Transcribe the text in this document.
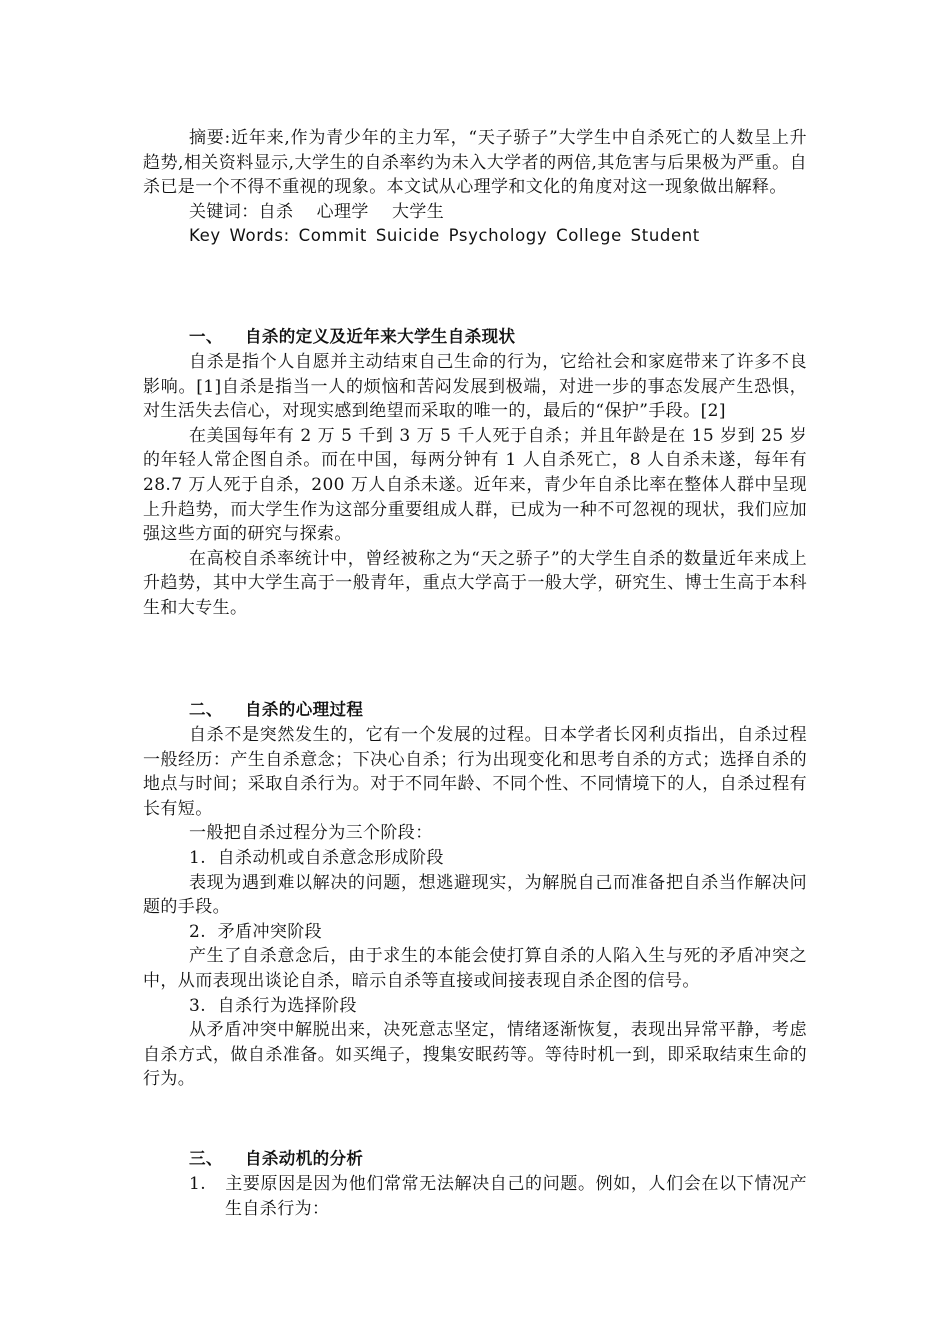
摘要:近年来,作为青少年的主力军，“天子骄子”大学生中自杀死亡的人数呈上升趋势,相关资料显示,大学生的自杀率约为未入大学者的两倍,其危害与后果极为严重。自杀已是一个不得不重视的现象。本文试从心理学和文化的角度对这一现象做出解释。

关键词：自杀　 心理学　 大学生

Key Words: Commit Suicide Psychology College Student

一、 自杀的定义及近年来大学生自杀现状

自杀是指个人自愿并主动结束自己生命的行为，它给社会和家庭带来了许多不良影响。[1]自杀是指当一人的烦恼和苦闷发展到极端，对进一步的事态发展产生恐惧，对生活失去信心，对现实感到绝望而采取的唯一的，最后的“保护”手段。[2]

在美国每年有 2 万 5 千到 3 万 5 千人死于自杀；并且年龄是在 15 岁到 25 岁的年轻人常企图自杀。而在中国，每两分钟有 1 人自杀死亡，8 人自杀未遂，每年有 28.7 万人死于自杀，200 万人自杀未遂。近年来，青少年自杀比率在整体人群中呈现上升趋势，而大学生作为这部分重要组成人群，已成为一种不可忽视的现状，我们应加强这些方面的研究与探索。

在高校自杀率统计中，曾经被称之为“天之骄子”的大学生自杀的数量近年来成上升趋势，其中大学生高于一般青年，重点大学高于一般大学，研究生、博士生高于本科生和大专生。

二、 自杀的心理过程

自杀不是突然发生的，它有一个发展的过程。日本学者长冈利贞指出，自杀过程一般经历：产生自杀意念；下决心自杀；行为出现变化和思考自杀的方式；选择自杀的地点与时间；采取自杀行为。对于不同年龄、不同个性、不同情境下的人，自杀过程有长有短。

一般把自杀过程分为三个阶段：

1. 自杀动机或自杀意念形成阶段

表现为遇到难以解决的问题，想逃避现实，为解脱自己而准备把自杀当作解决问题的手段。

2. 矛盾冲突阶段

产生了自杀意念后，由于求生的本能会使打算自杀的人陷入生与死的矛盾冲突之中，从而表现出谈论自杀，暗示自杀等直接或间接表现自杀企图的信号。

3. 自杀行为选择阶段

从矛盾冲突中解脱出来，决死意志坚定，情绪逐渐恢复，表现出异常平静，考虑自杀方式，做自杀准备。如买绳子，搜集安眠药等。等待时机一到，即采取结束生命的行为。

三、 自杀动机的分析

1. 主要原因是因为他们常常无法解决自己的问题。例如，人们会在以下情况产生自杀行为：
